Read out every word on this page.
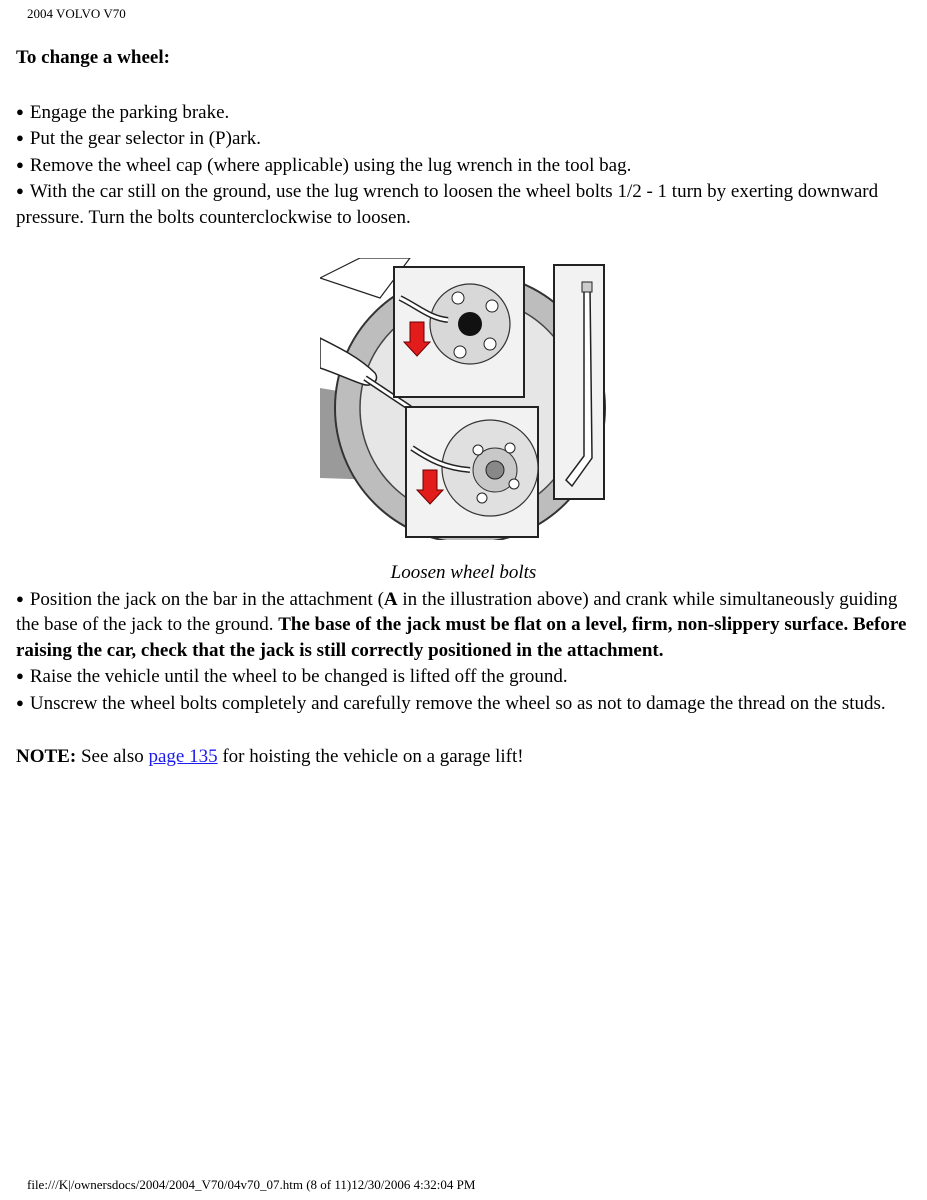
2004 VOLVO V70

To change a wheel:

● Engage the parking brake.

● Put the gear selector in (P)ark.

● Remove the wheel cap (where applicable) using the lug wrench in the tool bag.

● With the car still on the ground, use the lug wrench to loosen the wheel bolts 1/2 - 1 turn by exerting downward pressure. Turn the bolts counterclockwise to loosen.

Loosen wheel bolts

● Position the jack on the bar in the attachment (A in the illustration above) and crank while simultaneously guiding the base of the jack to the ground. The base of the jack must be flat on a level, firm, non-slippery surface. Before raising the car, check that the jack is still correctly positioned in the attachment.

● Raise the vehicle until the wheel to be changed is lifted off the ground.

● Unscrew the wheel bolts completely and carefully remove the wheel so as not to damage the thread on the studs.

NOTE: See also page 135 for hoisting the vehicle on a garage lift!

file:///K|/ownersdocs/2004/2004_V70/04v70_07.htm (8 of 11)12/30/2006 4:32:04 PM
